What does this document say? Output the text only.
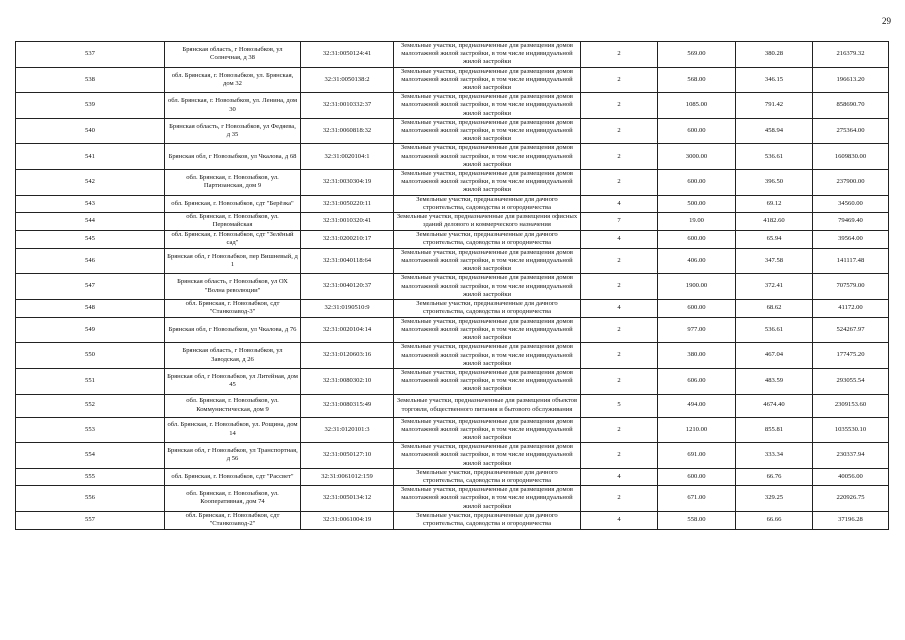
29
537	Брянская область, г Новозыбков, ул Солнечная, д 38	32:31:0050124:41	Земельные участки, предназначенные для размещения домов малоэтажной жилой застройки, в том числе индивидуальной жилой застройки	2	569.00	380.28	216379.32
538	обл. Брянская, г. Новозыбков, ул. Брянская, дом 32	32:31:0050138:2	Земельные участки, предназначенные для размещения домов малоэтажной жилой застройки, в том числе индивидуальной жилой застройки	2	568.00	346.15	196613.20
539	обл. Брянская, г. Новозыбков, ул. Ленина, дом 30	32:31:0010332:37	Земельные участки, предназначенные для размещения домов малоэтажной жилой застройки, в том числе индивидуальной жилой застройки	2	1085.00	791.42	858690.70
540	Брянская область, г Новозыбков, ул Федяева, д 35	32:31:0060818:32	Земельные участки, предназначенные для размещения домов малоэтажной жилой застройки, в том числе индивидуальной жилой застройки	2	600.00	458.94	275364.00
541	Брянская обл, г Новозыбков, ул Чкалова, д 68	32:31:0020104:1	Земельные участки, предназначенные для размещения домов малоэтажной жилой застройки, в том числе индивидуальной жилой застройки	2	3000.00	536.61	1609830.00
542	обл. Брянская, г. Новозыбков, ул. Партизанская, дом 9	32:31:0030304:19	Земельные участки, предназначенные для размещения домов малоэтажной жилой застройки, в том числе индивидуальной жилой застройки	2	600.00	396.50	237900.00
543	обл. Брянская, г. Новозыбков, сдт "Берёзка"	32:31:0050220:11	Земельные участки, предназначенные для дачного строительства, садоводства и огородничества	4	500.00	69.12	34560.00
544	обл. Брянская, г. Новозыбков, ул. Первомайская	32:31:0010320:41	Земельные участки, предназначенные для размещения офисных зданий делового и коммерческого назначения	7	19.00	4182.60	79469.40
545	обл. Брянская, г. Новозыбков, сдт "Зелёный сад"	32:31:0200210:17	Земельные участки, предназначенные для дачного строительства, садоводства и огородничества	4	600.00	65.94	39564.00
546	Брянская обл, г Новозыбков, пер Вишневый, д 1	32:31:0040118:64	Земельные участки, предназначенные для размещения домов малоэтажной жилой застройки, в том числе индивидуальной жилой застройки	2	406.00	347.58	141117.48
547	Брянская область, г Новозыбков, ул ОХ "Волна революции"	32:31:0040120:37	Земельные участки, предназначенные для размещения домов малоэтажной жилой застройки, в том числе индивидуальной жилой застройки	2	1900.00	372.41	707579.00
548	обл. Брянская, г. Новозыбков, сдт "Станкозавод-3"	32:31:0190510:9	Земельные участки, предназначенные для дачного строительства, садоводства и огородничества	4	600.00	68.62	41172.00
549	Брянская обл, г Новозыбков, ул Чкалова, д 76	32:31:0020104:14	Земельные участки, предназначенные для размещения домов малоэтажной жилой застройки, в том числе индивидуальной жилой застройки	2	977.00	536.61	524267.97
550	Брянская область, г Новозыбков, ул Заводская, д 26	32:31:0120603:16	Земельные участки, предназначенные для размещения домов малоэтажной жилой застройки, в том числе индивидуальной жилой застройки	2	380.00	467.04	177475.20
551	Брянская обл, г Новозыбков, ул Литейная, дом 45	32:31:0080302:10	Земельные участки, предназначенные для размещения домов малоэтажной жилой застройки, в том числе индивидуальной жилой застройки	2	606.00	483.59	293055.54
552	обл. Брянская, г. Новозыбков, ул. Коммунистическая, дом 9	32:31:0080315:49	Земельные участки, предназначенные для размещения объектов торговли, общественного питания и бытового обслуживания	5	494.00	4674.40	2309153.60
553	обл. Брянская, г. Новозыбков, ул. Рощина, дом 14	32:31:0120101:3	Земельные участки, предназначенные для размещения домов малоэтажной жилой застройки, в том числе индивидуальной жилой застройки	2	1210.00	855.81	1035530.10
554	Брянская обл, г Новозыбков, ул Транспортная, д 56	32:31:0050127:10	Земельные участки, предназначенные для размещения домов малоэтажной жилой застройки, в том числе индивидуальной жилой застройки	2	691.00	333.34	230337.94
555	обл. Брянская, г. Новозыбков, сдт "Рассвет"	32:31:0061012:159	Земельные участки, предназначенные для дачного строительства, садоводства и огородничества	4	600.00	66.76	40056.00
556	обл. Брянская, г. Новозыбков, ул. Кооперативная, дом 74	32:31:0050134:12	Земельные участки, предназначенные для размещения домов малоэтажной жилой застройки, в том числе индивидуальной жилой застройки	2	671.00	329.25	220926.75
557	обл. Брянская, г. Новозыбков, сдт "Станкозавод-2"	32:31:0061004:19	Земельные участки, предназначенные для дачного строительства, садоводства и огородничества	4	558.00	66.66	37196.28
